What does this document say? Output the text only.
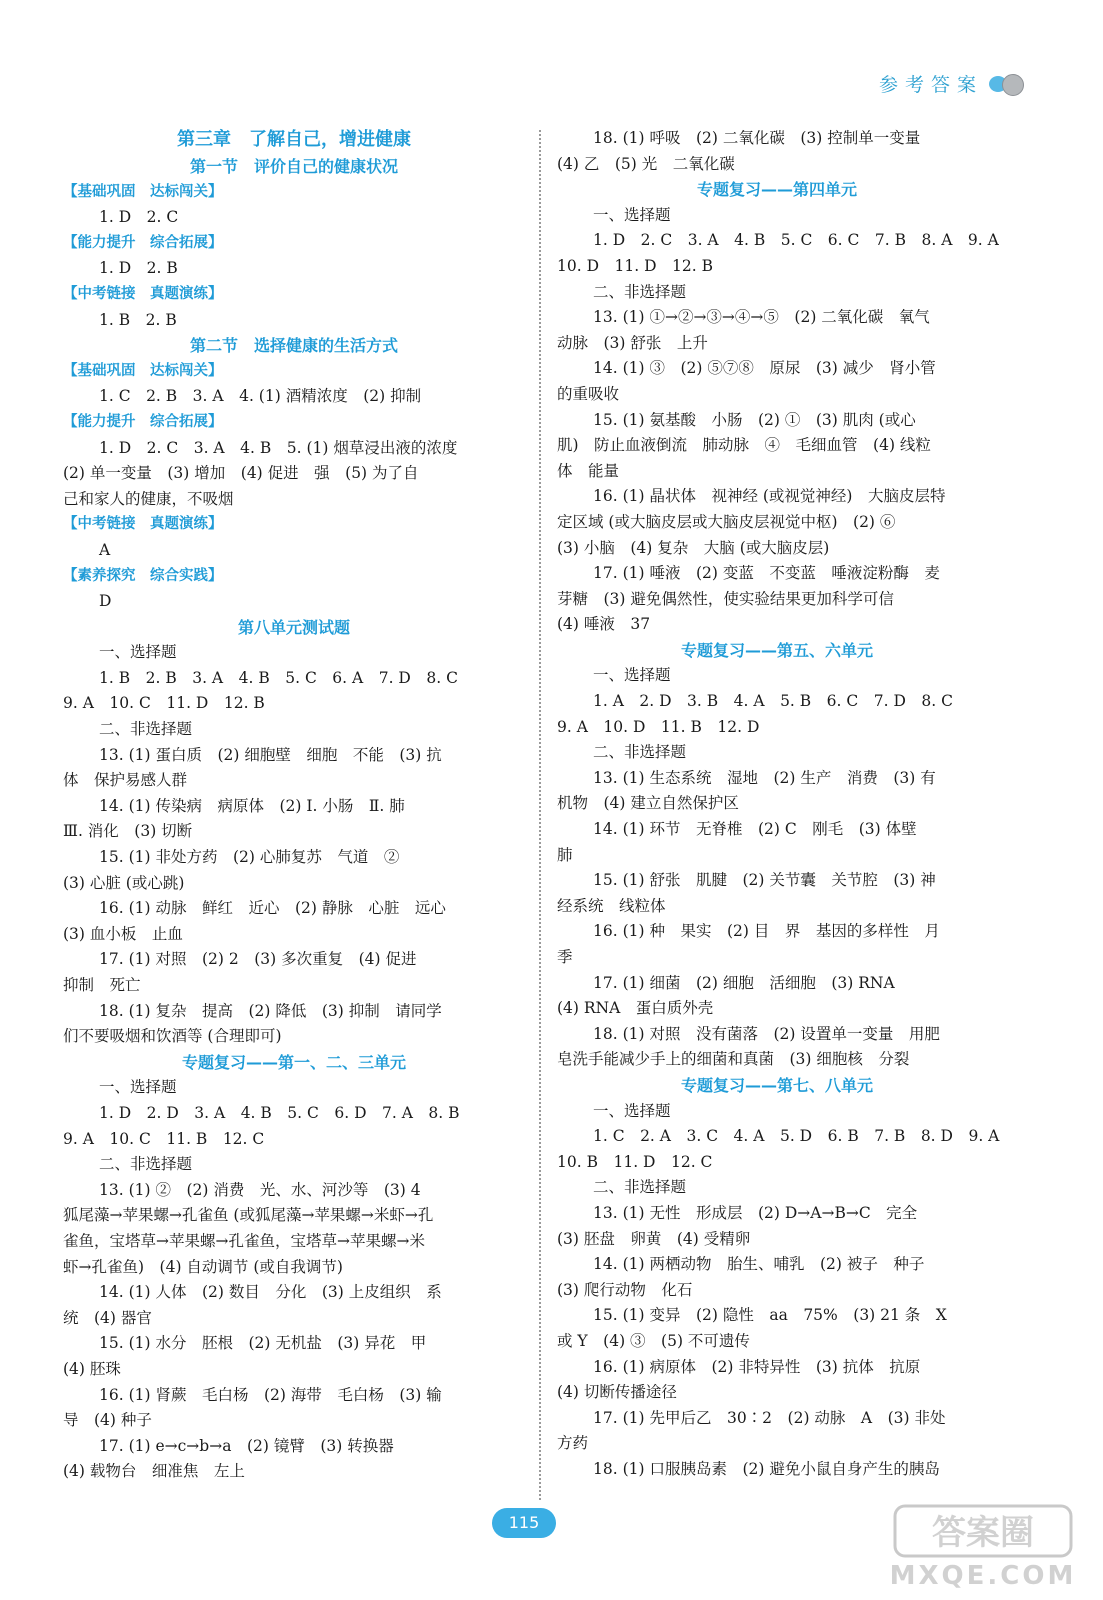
参考答案
第三章　了解自己，增进健康
第一节　评价自己的健康状况
【基础巩固　达标闯关】
1. D　2. C
【能力提升　综合拓展】
1. D　2. B
【中考链接　真题演练】
1. B　2. B
第二节　选择健康的生活方式
【基础巩固　达标闯关】
1. C　2. B　3. A　4. (1) 酒精浓度　(2) 抑制
【能力提升　综合拓展】
1. D　2. C　3. A　4. B　5. (1) 烟草浸出液的浓度
(2) 单一变量　(3) 增加　(4) 促进　强　(5) 为了自
己和家人的健康，不吸烟
【中考链接　真题演练】
A
【素养探究　综合实践】
D
第八单元测试题
一、选择题
1. B　2. B　3. A　4. B　5. C　6. A　7. D　8. C
9. A　10. C　11. D　12. B
二、非选择题
13. (1) 蛋白质　(2) 细胞壁　细胞　不能　(3) 抗
体　保护易感人群
14. (1) 传染病　病原体　(2) Ⅰ. 小肠　Ⅱ. 肺
Ⅲ. 消化　(3) 切断
15. (1) 非处方药　(2) 心肺复苏　气道　②
(3) 心脏 (或心跳)
16. (1) 动脉　鲜红　近心　(2) 静脉　心脏　远心
(3) 血小板　止血
17. (1) 对照　(2) 2　(3) 多次重复　(4) 促进
抑制　死亡
18. (1) 复杂　提高　(2) 降低　(3) 抑制　请同学
们不要吸烟和饮酒等 (合理即可)
专题复习——第一、二、三单元
一、选择题
1. D　2. D　3. A　4. B　5. C　6. D　7. A　8. B
9. A　10. C　11. B　12. C
二、非选择题
13. (1) ②　(2) 消费　光、水、河沙等　(3) 4
狐尾藻→苹果螺→孔雀鱼 (或狐尾藻→苹果螺→米虾→孔
雀鱼，宝塔草→苹果螺→孔雀鱼，宝塔草→苹果螺→米
虾→孔雀鱼)　(4) 自动调节 (或自我调节)
14. (1) 人体　(2) 数目　分化　(3) 上皮组织　系
统　(4) 器官
15. (1) 水分　胚根　(2) 无机盐　(3) 异花　甲
(4) 胚珠
16. (1) 肾蕨　毛白杨　(2) 海带　毛白杨　(3) 输
导　(4) 种子
17. (1) e→c→b→a　(2) 镜臂　(3) 转换器
(4) 载物台　细准焦　左上
18. (1) 呼吸　(2) 二氧化碳　(3) 控制单一变量
(4) 乙　(5) 光　二氧化碳
专题复习——第四单元
一、选择题
1. D　2. C　3. A　4. B　5. C　6. C　7. B　8. A　9. A
10. D　11. D　12. B
二、非选择题
13. (1) ①→②→③→④→⑤　(2) 二氧化碳　氧气
动脉　(3) 舒张　上升
14. (1) ③　(2) ⑤⑦⑧　原尿　(3) 减少　肾小管
的重吸收
15. (1) 氨基酸　小肠　(2) ①　(3) 肌肉 (或心
肌)　防止血液倒流　肺动脉　④　毛细血管　(4) 线粒
体　能量
16. (1) 晶状体　视神经 (或视觉神经)　大脑皮层特
定区域 (或大脑皮层或大脑皮层视觉中枢)　(2) ⑥
(3) 小脑　(4) 复杂　大脑 (或大脑皮层)
17. (1) 唾液　(2) 变蓝　不变蓝　唾液淀粉酶　麦
芽糖　(3) 避免偶然性，使实验结果更加科学可信
(4) 唾液　37
专题复习——第五、六单元
一、选择题
1. A　2. D　3. B　4. A　5. B　6. C　7. D　8. C
9. A　10. D　11. B　12. D
二、非选择题
13. (1) 生态系统　湿地　(2) 生产　消费　(3) 有
机物　(4) 建立自然保护区
14. (1) 环节　无脊椎　(2) C　刚毛　(3) 体壁
肺
15. (1) 舒张　肌腱　(2) 关节囊　关节腔　(3) 神
经系统　线粒体
16. (1) 种　果实　(2) 目　界　基因的多样性　月
季
17. (1) 细菌　(2) 细胞　活细胞　(3) RNA
(4) RNA　蛋白质外壳
18. (1) 对照　没有菌落　(2) 设置单一变量　用肥
皂洗手能减少手上的细菌和真菌　(3) 细胞核　分裂
专题复习——第七、八单元
一、选择题
1. C　2. A　3. C　4. A　5. D　6. B　7. B　8. D　9. A
10. B　11. D　12. C
二、非选择题
13. (1) 无性　形成层　(2) D→A→B→C　完全
(3) 胚盘　卵黄　(4) 受精卵
14. (1) 两栖动物　胎生、哺乳　(2) 被子　种子
(3) 爬行动物　化石
15. (1) 变异　(2) 隐性　aa　75%　(3) 21 条　X
或 Y　(4) ③　(5) 不可遗传
16. (1) 病原体　(2) 非特异性　(3) 抗体　抗原
(4) 切断传播途径
17. (1) 先甲后乙　30∶2　(2) 动脉　A　(3) 非处
方药
18. (1) 口服胰岛素　(2) 避免小鼠自身产生的胰岛
115	答案圈
MXQE.COM
